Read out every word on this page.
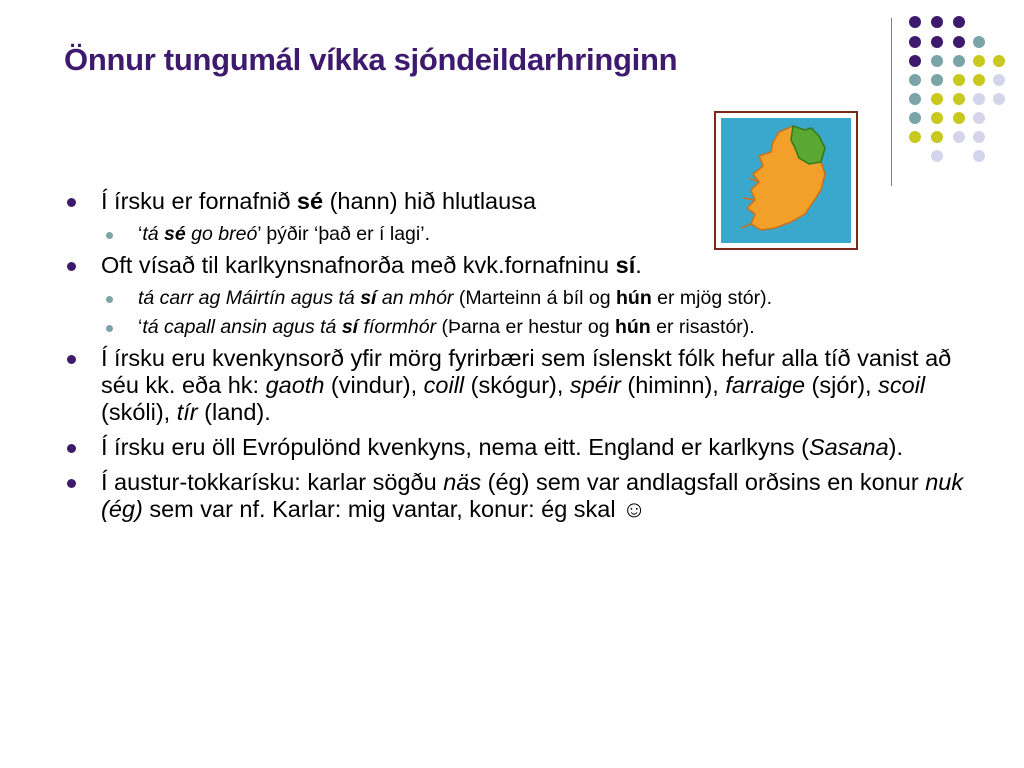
Önnur tungumál víkka sjóndeildarhringinn
Í írsku er fornafnið sé (hann) hið hlutlausa
‘tá sé go breó’ þýðir ‘það er í lagi’.
Oft vísað til karlkynsnafnorða með kvk.fornafninu sí.
tá carr ag Máirtín agus tá sí an mhór (Marteinn á bíl og hún er mjög stór).
‘tá capall ansin agus tá sí fíormhór (Þarna er hestur og hún er risastór).
Í írsku eru kvenkynsorð yfir mörg fyrirbæri sem íslenskt fólk hefur alla tíð vanist að séu kk. eða hk: gaoth (vindur), coill (skógur), spéir (himinn), farraige (sjór), scoil (skóli), tír (land).
Í írsku eru öll Evrópulönd kvenkyns, nema eitt. England er karlkyns (Sasana).
Í austur-tokkarísku: karlar sögðu näs (ég) sem var andlagsfall orðsins en konur nuk (ég) sem var nf. Karlar: mig vantar, konur: ég skal ☺
